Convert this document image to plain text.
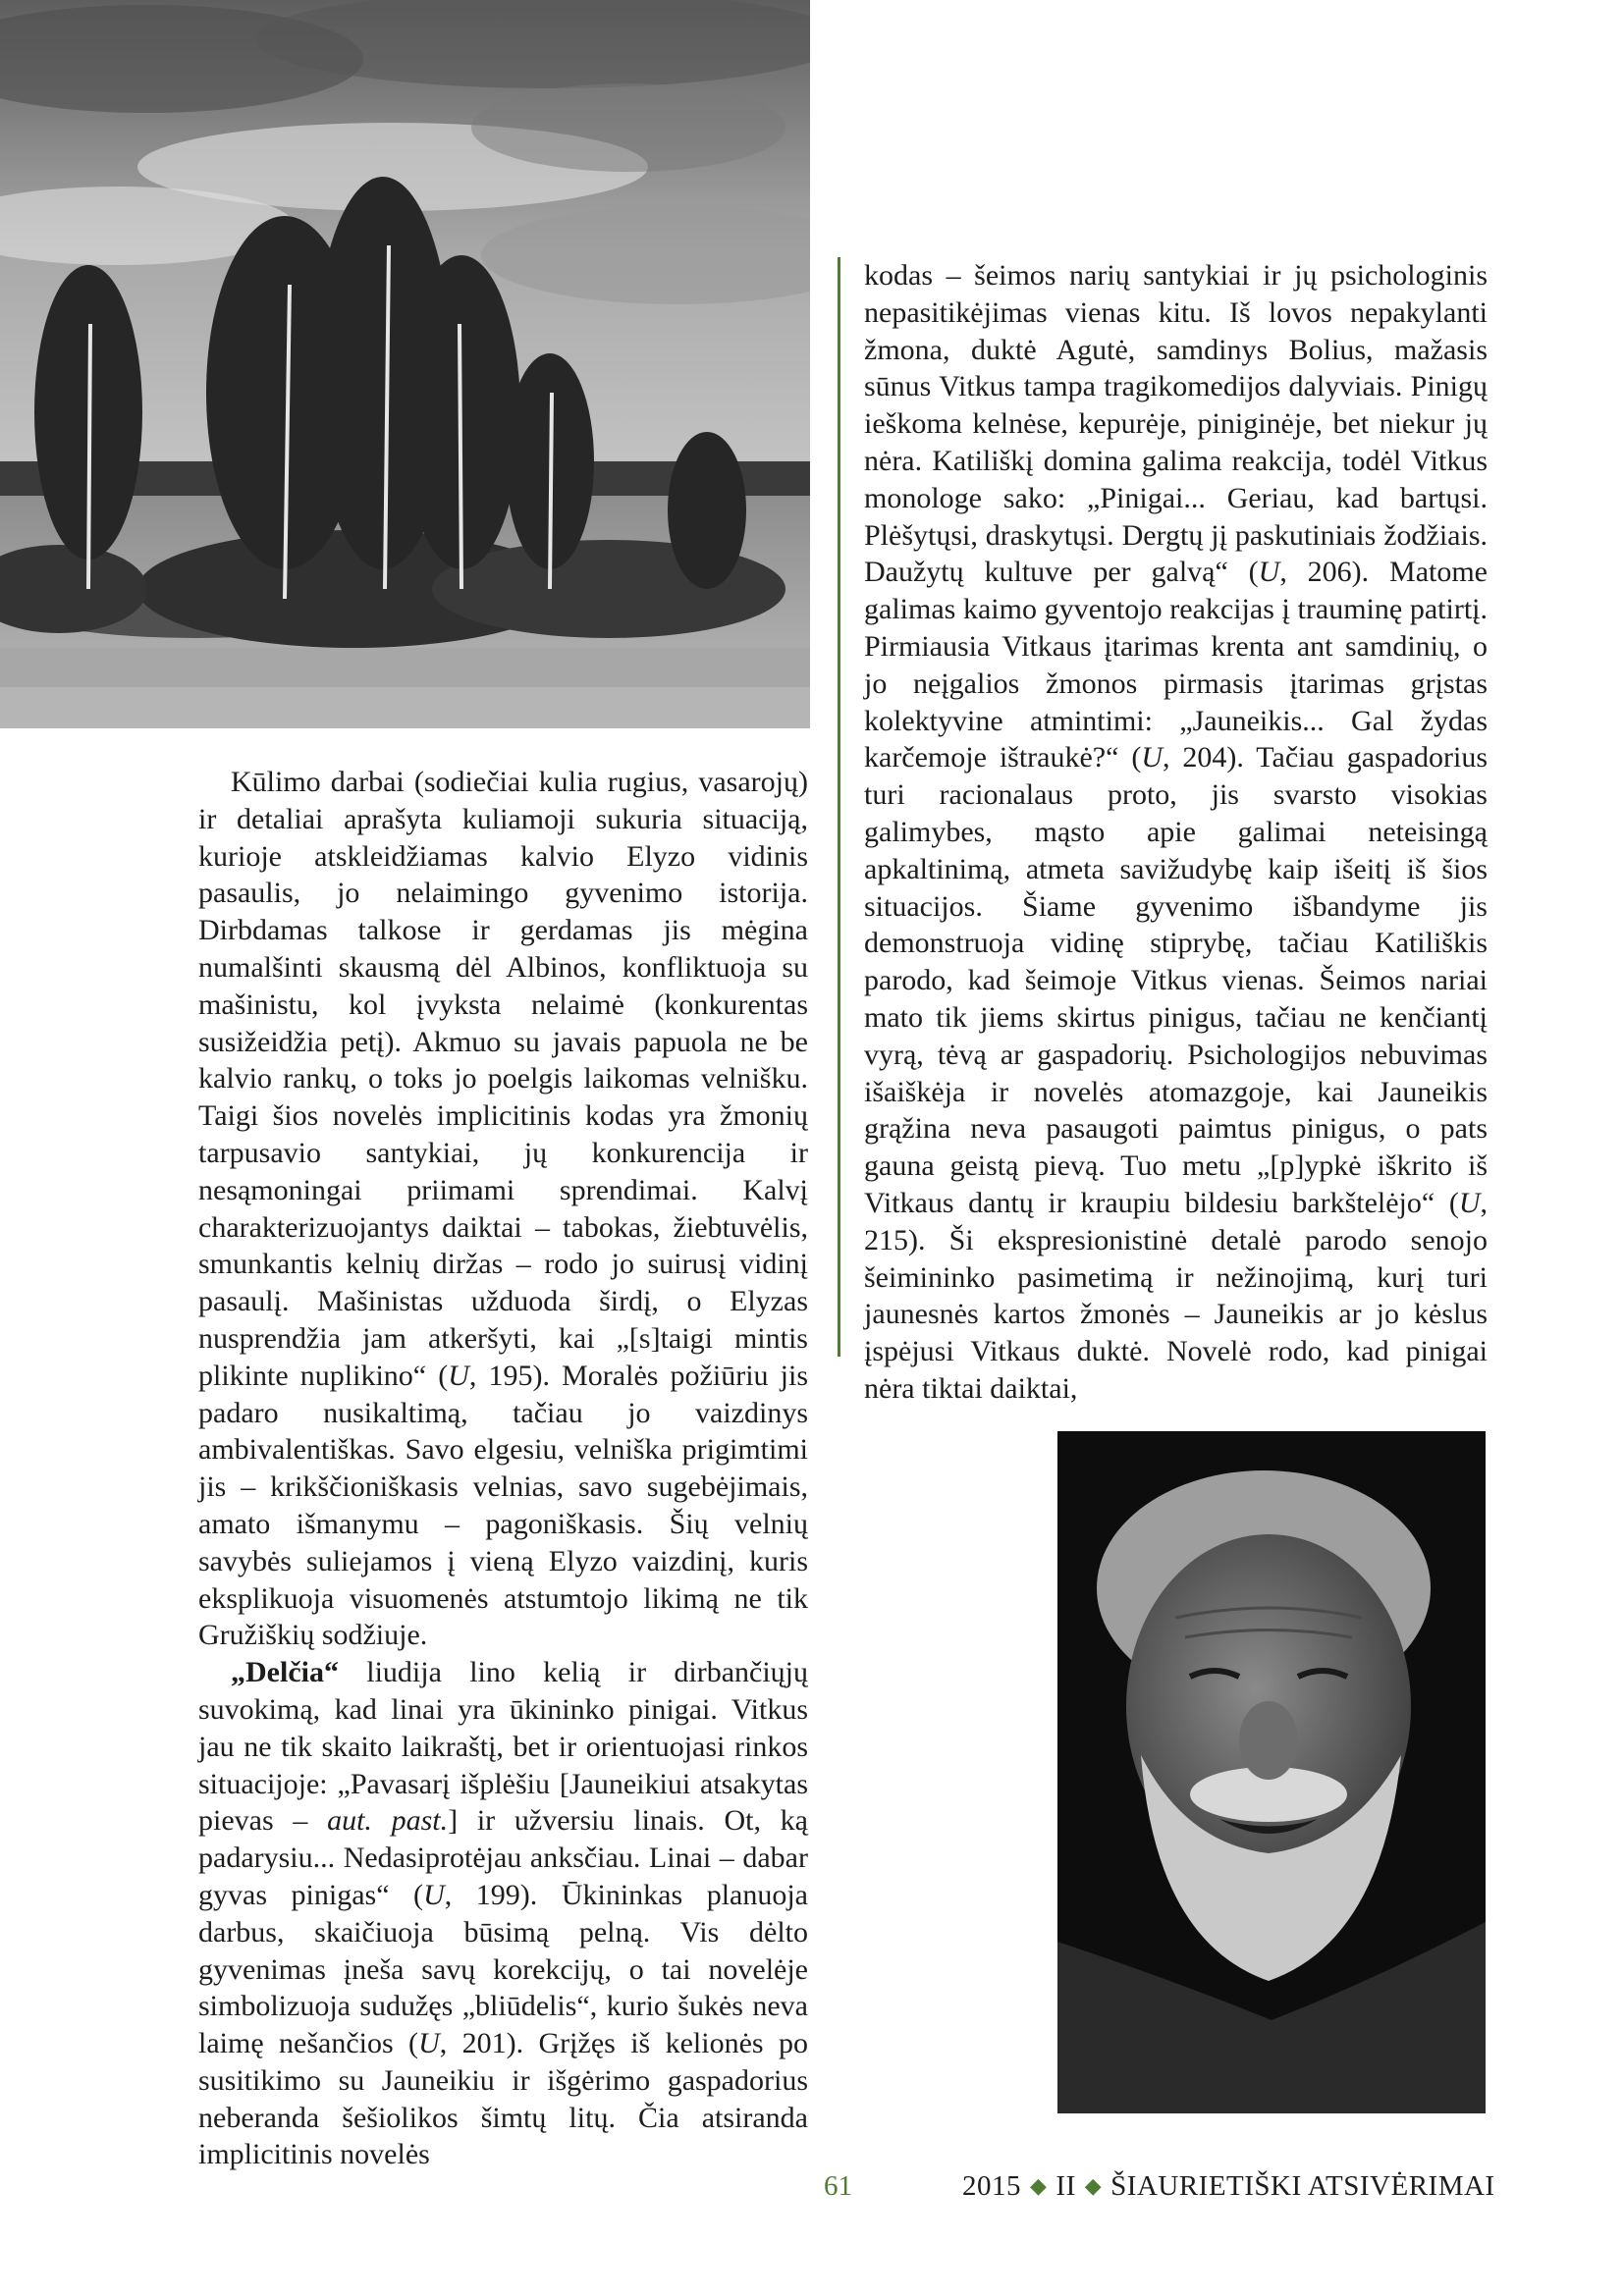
kodas – šeimos narių santykiai ir jų psichologinis nepasitikėjimas vienas kitu. Iš lovos nepakylanti žmona, duktė Agutė, samdinys Bolius, mažasis sūnus Vitkus tampa tragikomedijos dalyviais. Pinigų ieškoma kelnėse, kepurėje, piniginėje, bet niekur jų nėra. Katiliškį domina galima reakcija, todėl Vitkus monologe sako: „Pinigai... Geriau, kad bartųsi. Plėšytųsi, draskytųsi. Dergtų jį paskutiniais žodžiais. Daužytų kultuve per galvą“ (U, 206). Matome galimas kaimo gyventojo reakcijas į trauminę patirtį. Pirmiausia Vitkaus įtarimas krenta ant samdinių, o jo neįgalios žmonos pirmasis įtarimas grįstas kolektyvine atmintimi: „Jauneikis... Gal žydas karčemoje ištraukė?“ (U, 204). Tačiau gaspadorius turi racionalaus proto, jis svarsto visokias galimybes, mąsto apie galimai neteisingą apkaltinimą, atmeta savižudybę kaip išeitį iš šios situacijos. Šiame gyvenimo išbandyme jis demonstruoja vidinę stiprybę, tačiau Katiliškis parodo, kad šeimoje Vitkus vienas. Šeimos nariai mato tik jiems skirtus pinigus, tačiau ne kenčiantį vyrą, tėvą ar gaspadorių. Psichologijos nebuvimas išaiškėja ir novelės atomazgoje, kai Jauneikis grąžina neva pasaugoti paimtus pinigus, o pats gauna geistą pievą. Tuo metu „[p]ypkė iškrito iš Vitkaus dantų ir kraupiu bildesiu barkštelėjo“ (U, 215). Ši ekspresionistinė detalė parodo senojo šeimininko pasimetimą ir nežinojimą, kurį turi jaunesnės kartos žmonės – Jauneikis ar jo kėslus įspėjusi Vitkaus duktė. Novelė rodo, kad pinigai nėra tiktai daiktai,

Kūlimo darbai (sodiečiai kulia rugius, vasarojų) ir detaliai aprašyta kuliamoji sukuria situaciją, kurioje atskleidžiamas kalvio Elyzo vidinis pasaulis, jo nelaimingo gyvenimo istorija. Dirbdamas talkose ir gerdamas jis mėgina numalšinti skausmą dėl Albinos, konfliktuoja su mašinistu, kol įvyksta nelaimė (konkurentas susižeidžia petį). Akmuo su javais papuola ne be kalvio rankų, o toks jo poelgis laikomas velnišku. Taigi šios novelės implicitinis kodas yra žmonių tarpusavio santykiai, jų konkurencija ir nesąmoningai priimami sprendimai. Kalvį charakterizuojantys daiktai – tabokas, žiebtuvėlis, smunkantis kelnių diržas – rodo jo suirusį vidinį pasaulį. Mašinistas užduoda širdį, o Elyzas nusprendžia jam atkeršyti, kai „[s]taigi mintis plikinte nuplikino“ (U, 195). Moralės požiūriu jis padaro nusikaltimą, tačiau jo vaizdinys ambivalentiškas. Savo elgesiu, velniška prigimtimi jis – krikščioniškasis velnias, savo sugebėjimais, amato išmanymu – pagoniškasis. Šių velnių savybės suliejamos į vieną Elyzo vaizdinį, kuris eksplikuoja visuomenės atstumtojo likimą ne tik Gružiškių sodžiuje.

„Delčia“ liudija lino kelią ir dirbančiųjų suvokimą, kad linai yra ūkininko pinigai. Vitkus jau ne tik skaito laikraštį, bet ir orientuojasi rinkos situacijoje: „Pavasarį išplėšiu [Jauneikiui atsakytas pievas – aut. past.] ir užversiu linais. Ot, ką padarysiu... Nedasiprotėjau anksčiau. Linai – dabar gyvas pinigas“ (U, 199). Ūkininkas planuoja darbus, skaičiuoja būsimą pelną. Vis dėlto gyvenimas įneša savų korekcijų, o tai novelėje simbolizuoja sudužęs „bliūdelis“, kurio šukės neva laimę nešančios (U, 201). Grįžęs iš kelionės po susitikimo su Jauneikiu ir išgėrimo gaspadorius neberanda šešiolikos šimtų litų. Čia atsiranda implicitinis novelės

61	2015 ◆ II ◆ ŠIAURIETIŠKI ATSIVĖRIMAI
